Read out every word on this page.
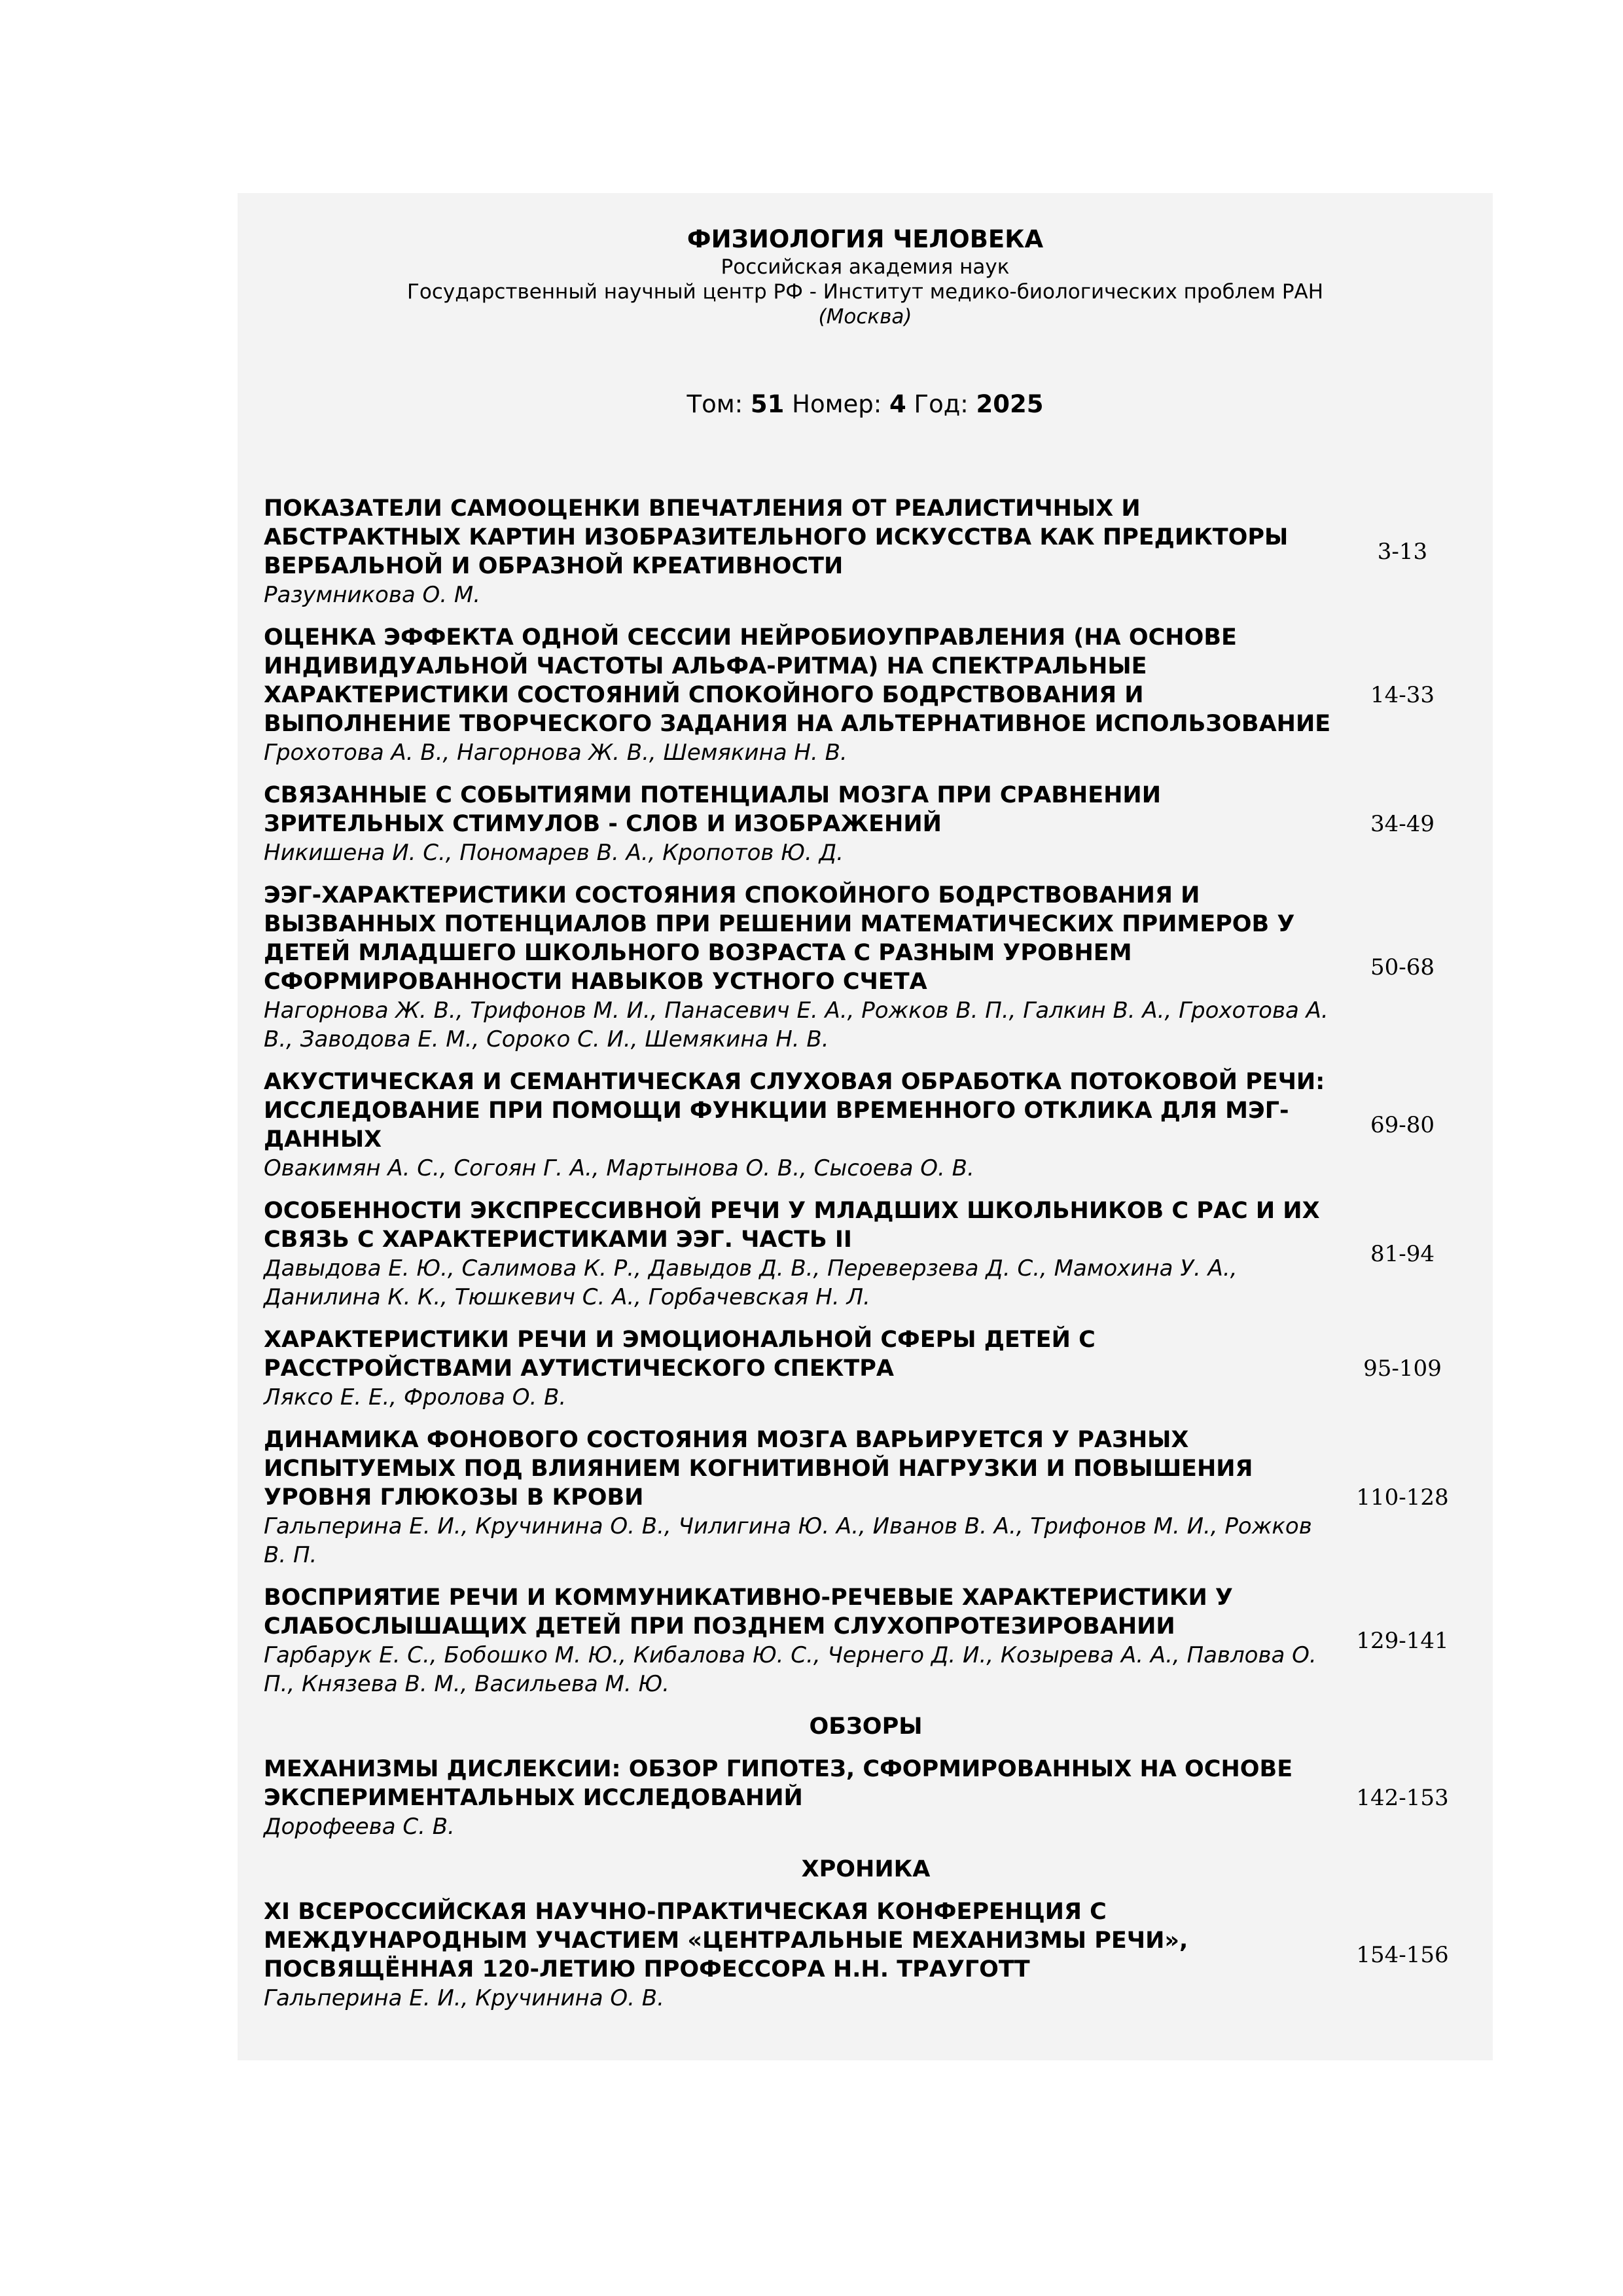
ФИЗИОЛОГИЯ ЧЕЛОВЕКА
Российская академия наук
Государственный научный центр РФ - Институт медико-биологических проблем РАН
(Москва)
Том: 51 Номер: 4 Год: 2025
ПОКАЗАТЕЛИ САМООЦЕНКИ ВПЕЧАТЛЕНИЯ ОТ РЕАЛИСТИЧНЫХ И АБСТРАКТНЫХ КАРТИН ИЗОБРАЗИТЕЛЬНОГО ИСКУССТВА КАК ПРЕДИКТОРЫ ВЕРБАЛЬНОЙ И ОБРАЗНОЙ КРЕАТИВНОСТИ
Разумникова О. М.
3-13
ОЦЕНКА ЭФФЕКТА ОДНОЙ СЕССИИ НЕЙРОБИОУПРАВЛЕНИЯ (НА ОСНОВЕ ИНДИВИДУАЛЬНОЙ ЧАСТОТЫ АЛЬФА-РИТМА) НА СПЕКТРАЛЬНЫЕ ХАРАКТЕРИСТИКИ СОСТОЯНИЙ СПОКОЙНОГО БОДРСТВОВАНИЯ И ВЫПОЛНЕНИЕ ТВОРЧЕСКОГО ЗАДАНИЯ НА АЛЬТЕРНАТИВНОЕ ИСПОЛЬЗОВАНИЕ
Грохотова А. В., Нагорнова Ж. В., Шемякина Н. В.
14-33
СВЯЗАННЫЕ С СОБЫТИЯМИ ПОТЕНЦИАЛЫ МОЗГА ПРИ СРАВНЕНИИ ЗРИТЕЛЬНЫХ СТИМУЛОВ - СЛОВ И ИЗОБРАЖЕНИЙ
Никишена И. С., Пономарев В. А., Кропотов Ю. Д.
34-49
ЭЭГ-ХАРАКТЕРИСТИКИ СОСТОЯНИЯ СПОКОЙНОГО БОДРСТВОВАНИЯ И ВЫЗВАННЫХ ПОТЕНЦИАЛОВ ПРИ РЕШЕНИИ МАТЕМАТИЧЕСКИХ ПРИМЕРОВ У ДЕТЕЙ МЛАДШЕГО ШКОЛЬНОГО ВОЗРАСТА С РАЗНЫМ УРОВНЕМ СФОРМИРОВАННОСТИ НАВЫКОВ УСТНОГО СЧЕТА
Нагорнова Ж. В., Трифонов М. И., Панасевич Е. А., Рожков В. П., Галкин В. А., Грохотова А. В., Заводова Е. М., Сороко С. И., Шемякина Н. В.
50-68
АКУСТИЧЕСКАЯ И СЕМАНТИЧЕСКАЯ СЛУХОВАЯ ОБРАБОТКА ПОТОКОВОЙ РЕЧИ: ИССЛЕДОВАНИЕ ПРИ ПОМОЩИ ФУНКЦИИ ВРЕМЕННОГО ОТКЛИКА ДЛЯ МЭГ-ДАННЫХ
Овакимян А. С., Согоян Г. А., Мартынова О. В., Сысоева О. В.
69-80
ОСОБЕННОСТИ ЭКСПРЕССИВНОЙ РЕЧИ У МЛАДШИХ ШКОЛЬНИКОВ С РАС И ИХ СВЯЗЬ С ХАРАКТЕРИСТИКАМИ ЭЭГ. ЧАСТЬ II
Давыдова Е. Ю., Салимова К. Р., Давыдов Д. В., Переверзева Д. С., Мамохина У. А., Данилина К. К., Тюшкевич С. А., Горбачевская Н. Л.
81-94
ХАРАКТЕРИСТИКИ РЕЧИ И ЭМОЦИОНАЛЬНОЙ СФЕРЫ ДЕТЕЙ С РАССТРОЙСТВАМИ АУТИСТИЧЕСКОГО СПЕКТРА
Ляксо Е. Е., Фролова О. В.
95-109
ДИНАМИКА ФОНОВОГО СОСТОЯНИЯ МОЗГА ВАРЬИРУЕТСЯ У РАЗНЫХ ИСПЫТУЕМЫХ ПОД ВЛИЯНИЕМ КОГНИТИВНОЙ НАГРУЗКИ И ПОВЫШЕНИЯ УРОВНЯ ГЛЮКОЗЫ В КРОВИ
Гальперина Е. И., Кручинина О. В., Чилигина Ю. А., Иванов В. А., Трифонов М. И., Рожков В. П.
110-128
ВОСПРИЯТИЕ РЕЧИ И КОММУНИКАТИВНО-РЕЧЕВЫЕ ХАРАКТЕРИСТИКИ У СЛАБОСЛЫШАЩИХ ДЕТЕЙ ПРИ ПОЗДНЕМ СЛУХОПРОТЕЗИРОВАНИИ
Гарбарук Е. С., Бобошко М. Ю., Кибалова Ю. С., Чернего Д. И., Козырева А. А., Павлова О. П., Князева В. М., Васильева М. Ю.
129-141
ОБЗОРЫ
МЕХАНИЗМЫ ДИСЛЕКСИИ: ОБЗОР ГИПОТЕЗ, СФОРМИРОВАННЫХ НА ОСНОВЕ ЭКСПЕРИМЕНТАЛЬНЫХ ИССЛЕДОВАНИЙ
Дорофеева С. В.
142-153
ХРОНИКА
XI ВСЕРОССИЙСКАЯ НАУЧНО-ПРАКТИЧЕСКАЯ КОНФЕРЕНЦИЯ С МЕЖДУНАРОДНЫМ УЧАСТИЕМ «ЦЕНТРАЛЬНЫЕ МЕХАНИЗМЫ РЕЧИ», ПОСВЯЩЁННАЯ 120-ЛЕТИЮ ПРОФЕССОРА Н.Н. ТРАУГОТТ
Гальперина Е. И., Кручинина О. В.
154-156
